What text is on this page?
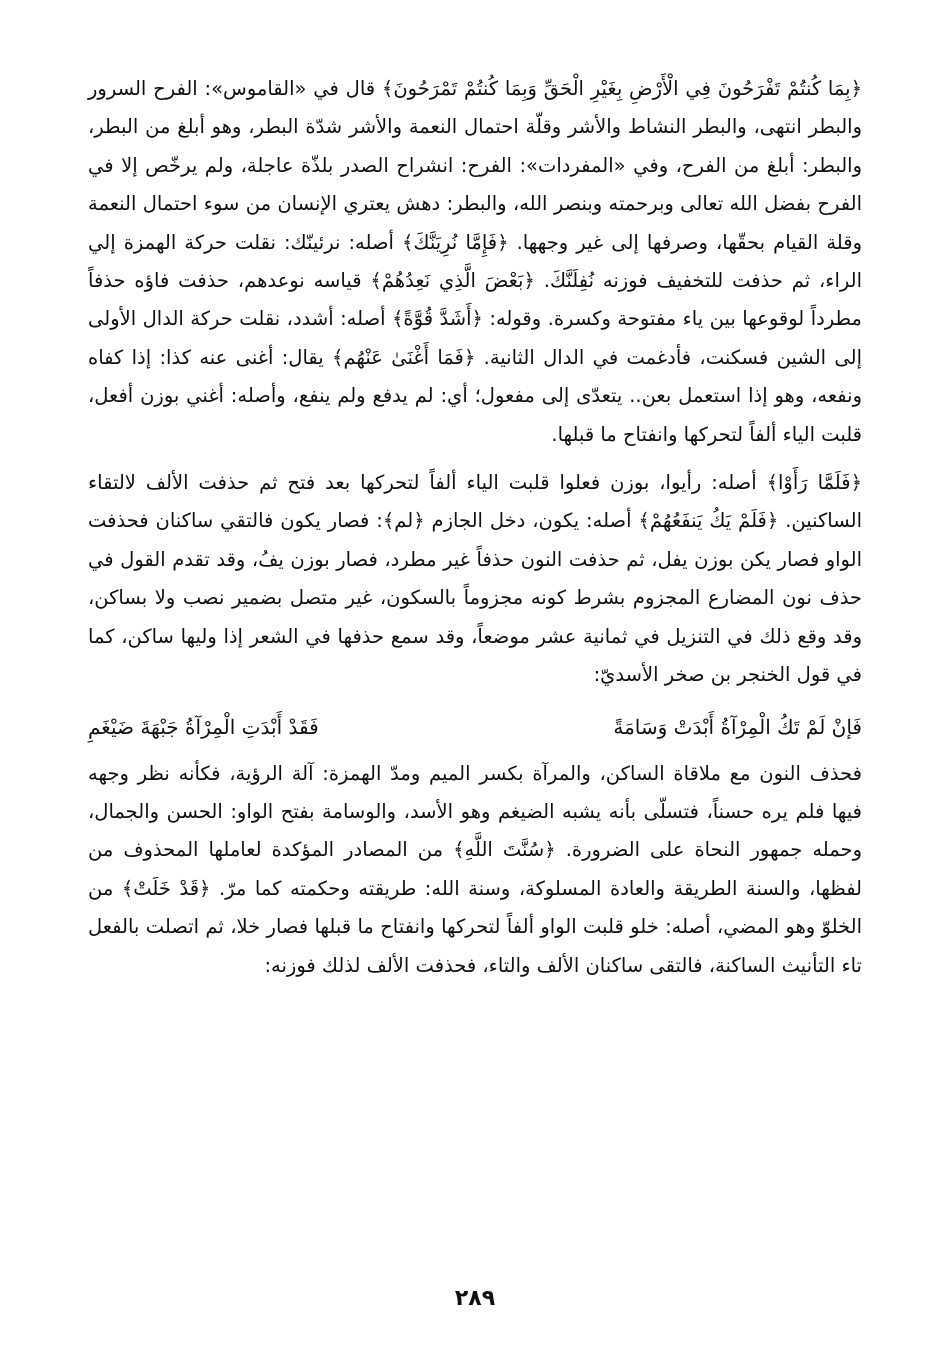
﴿بِمَا كُنتُمْ تَفْرَحُونَ فِي الْأَرْضِ بِغَيْرِ الْحَقِّ وَبِمَا كُنتُمْ تَمْرَحُونَ﴾ قال في «القاموس»: الفرح السرور والبطر انتهى، والبطر النشاط والأشر وقلّة احتمال النعمة والأشر شدّة البطر، وهو أبلغ من البطر، والبطر: أبلغ من الفرح، وفي «المفردات»: الفرح: انشراح الصدر بلذّة عاجلة، ولم يرخّص إلا في الفرح بفضل الله تعالى وبرحمته وبنصر الله، والبطر: دهش يعتري الإنسان من سوء احتمال النعمة وقلة القيام بحقّها، وصرفها إلى غير وجهها. ﴿فَإِمَّا نُرِيَنَّكَ﴾ أصله: نرئينّك: نقلت حركة الهمزة إلي الراء، ثم حذفت للتخفيف فوزنه نُفِلَنَّكَ. ﴿بَعْضَ الَّذِي نَعِدُهُمْ﴾ قياسه نوعدهم، حذفت فاؤه حذفاً مطرداً لوقوعها بين ياء مفتوحة وكسرة. وقوله: ﴿أَشَدَّ قُوَّةً﴾ أصله: أشدد، نقلت حركة الدال الأولى إلى الشين فسكنت، فأدغمت في الدال الثانية. ﴿فَمَا أَغْنَىٰ عَنْهُم﴾ يقال: أغنى عنه كذا: إذا كفاه ونفعه، وهو إذا استعمل بعن.. يتعدّى إلى مفعول؛ أي: لم يدفع ولم ينفع، وأصله: أغني بوزن أفعل، قلبت الياء ألفاً لتحركها وانفتاح ما قبلها.

﴿فَلَمَّا رَأَوْا﴾ أصله: رأيوا، بوزن فعلوا قلبت الياء ألفاً لتحركها بعد فتح ثم حذفت الألف لالتقاء الساكنين. ﴿فَلَمْ يَكُ يَنفَعُهُمْ﴾ أصله: يكون، دخل الجازم ﴿لم﴾: فصار يكون فالتقي ساكنان فحذفت الواو فصار يكن بوزن يفل، ثم حذفت النون حذفاً غير مطرد، فصار بوزن يفُ، وقد تقدم القول في حذف نون المضارع المجزوم بشرط كونه مجزوماً بالسكون، غير متصل بضمير نصب ولا بساكن، وقد وقع ذلك في التنزيل في ثمانية عشر موضعاً، وقد سمع حذفها في الشعر إذا وليها ساكن، كما في قول الخنجر بن صخر الأسديّ:

فَإنْ لَمْ تَكُ الْمِرْآةُ أَبْدَتْ وَسَامَةً
فَقَدْ أَبْدَتِ الْمِرْآةُ جَبْهَةَ ضَيْغَمِ

فحذف النون مع ملاقاة الساكن، والمرآة بكسر الميم ومدّ الهمزة: آلة الرؤية، فكأنه نظر وجهه فيها فلم يره حسناً، فتسلّى بأنه يشبه الضيغم وهو الأسد، والوسامة بفتح الواو: الحسن والجمال، وحمله جمهور النحاة على الضرورة. ﴿سُنَّتَ اللَّهِ﴾ من المصادر المؤكدة لعاملها المحذوف من لفظها، والسنة الطريقة والعادة المسلوكة، وسنة الله: طريقته وحكمته كما مرّ. ﴿قَدْ خَلَتْ﴾ من الخلوّ وهو المضي، أصله: خلو قلبت الواو ألفاً لتحركها وانفتاح ما قبلها فصار خلا، ثم اتصلت بالفعل تاء التأنيث الساكنة، فالتقى ساكنان الألف والتاء، فحذفت الألف لذلك فوزنه:

٢٨٩
